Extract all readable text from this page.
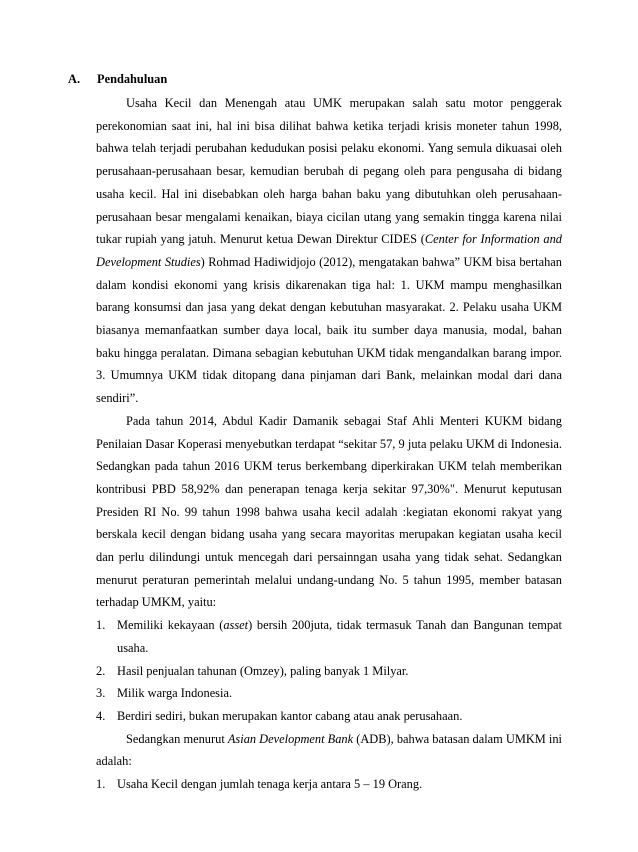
A. Pendahuluan

Usaha Kecil dan Menengah atau UMK merupakan salah satu motor penggerak perekonomian saat ini, hal ini bisa dilihat bahwa ketika terjadi krisis moneter tahun 1998, bahwa telah terjadi perubahan kedudukan posisi pelaku ekonomi. Yang semula dikuasai oleh perusahaan-perusahaan besar, kemudian berubah di pegang oleh para pengusaha di bidang usaha kecil. Hal ini disebabkan oleh harga bahan baku yang dibutuhkan oleh perusahaan-perusahaan besar mengalami kenaikan, biaya cicilan utang yang semakin tingga karena nilai tukar rupiah yang jatuh. Menurut ketua Dewan Direktur CIDES (Center for Information and Development Studies) Rohmad Hadiwidjojo (2012), mengatakan bahwa” UKM bisa bertahan dalam kondisi ekonomi yang krisis dikarenakan tiga hal: 1. UKM mampu menghasilkan barang konsumsi dan jasa yang dekat dengan kebutuhan masyarakat. 2. Pelaku usaha UKM biasanya memanfaatkan sumber daya local, baik itu sumber daya manusia, modal, bahan baku hingga peralatan. Dimana sebagian kebutuhan UKM tidak mengandalkan barang impor. 3. Umumnya UKM tidak ditopang dana pinjaman dari Bank, melainkan modal dari dana sendiri”.

Pada tahun 2014, Abdul Kadir Damanik sebagai Staf Ahli Menteri KUKM bidang Penilaian Dasar Koperasi menyebutkan terdapat “sekitar 57, 9 juta pelaku UKM di Indonesia. Sedangkan pada tahun 2016 UKM terus berkembang diperkirakan UKM telah memberikan kontribusi PBD 58,92% dan penerapan tenaga kerja sekitar 97,30%". Menurut keputusan Presiden RI No. 99 tahun 1998 bahwa usaha kecil adalah :kegiatan ekonomi rakyat yang berskala kecil dengan bidang usaha yang secara mayoritas merupakan kegiatan usaha kecil dan perlu dilindungi untuk mencegah dari persainngan usaha yang tidak sehat. Sedangkan menurut peraturan pemerintah melalui undang-undang No. 5 tahun 1995, member batasan terhadap UMKM, yaitu:

1. Memiliki kekayaan (asset) bersih 200juta, tidak termasuk Tanah dan Bangunan tempat usaha.
2. Hasil penjualan tahunan (Omzey), paling banyak 1 Milyar.
3. Milik warga Indonesia.
4. Berdiri sediri, bukan merupakan kantor cabang atau anak perusahaan.

Sedangkan menurut Asian Development Bank (ADB), bahwa batasan dalam UMKM ini adalah:

1. Usaha Kecil dengan jumlah tenaga kerja antara 5 – 19 Orang.
